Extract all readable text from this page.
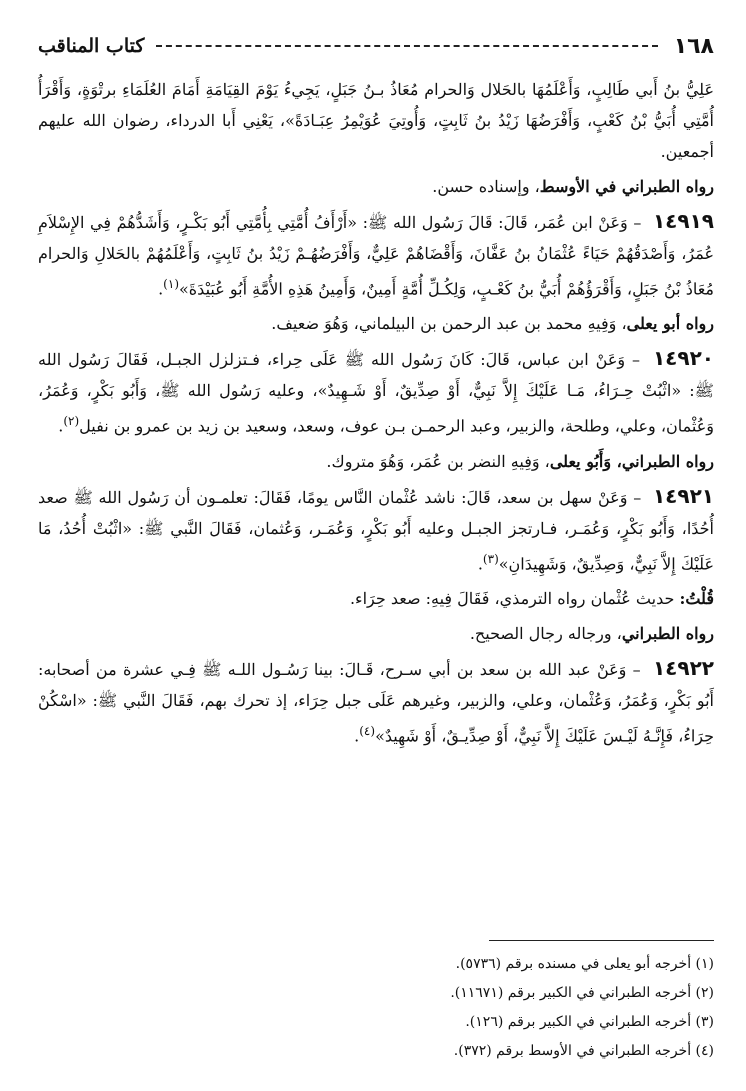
١٦٨
كتاب المناقب

عَلِيُّ بنُ أَبي طَالِبٍ، وَأَعْلَمُهَا بالحَلال وَالحرام مُعَاذُ بـنُ جَبَلٍ، يَجِيءُ يَوْمَ القِيَامَةِ أَمَامَ العُلَمَاءِ برتْوَةٍ، وَأَقْرَأُ أُمَّتِي أُبَيُّ بْنُ كَعْبٍ، وَأَفْرَضُهَا زَيْدُ بنُ ثَابِتٍ، وَأُوتِيَ عُوَيْمِرُ عِبَـادَةً»، يَعْنِي أَبا الدرداء، رضوان الله عليهم أجمعين.

رواه الطبراني في الأوسط، وإسناده حسن.

١٤٩١٩ – وَعَنْ ابن عُمَر، قَالَ: قَالَ رَسُول الله ﷺ: «أَرْأَفُ أُمَّتِي بِأُمَّتِي أَبُو بَكْـرٍ، وَأَشَدُّهُمْ فِي الإِسْلاَمِ عُمَرُ، وَأَصْدَقُهُمْ حَيَاءً عُثْمَانُ بنُ عَفَّانَ، وَأَقْضَاهُمْ عَلِيٌّ، وَأَفْرَضُهُـمْ زَيْدُ بنُ ثَابِتٍ، وَأَعْلَمُهُمْ بالحَلالِ وَالحرام مُعَاذُ بْنُ جَبَلٍ، وَأَقْرَؤُهُمْ أُبَيُّ بنُ كَعْـبٍ، وَلِكُـلِّ أُمَّةٍ أَمِينٌ، وَأَمِينُ هَذِهِ الأُمَّةِ أَبُو عُبَيْدَةَ»$^{(١)}$.

رواه أبو يعلى، وَفِيهِ محمد بن عبد الرحمن بن البيلماني، وَهُوَ ضعيف.

١٤٩٢٠ – وَعَنْ ابن عباس، قَالَ: كَانَ رَسُول الله ﷺ عَلَى حِراء، فـتزلزل الجبـل، فَقَالَ رَسُول الله ﷺ: «اثْبُتْ حِـرَاءُ، مَـا عَلَيْكَ إِلاَّ نَبِيٌّ، أَوْ صِدِّيقٌ، أَوْ شَـهِيدٌ»، وعليه رَسُول الله ﷺ، وَأَبُو بَكْرٍ، وَعُمَرُ، وَعُثْمان، وعلي، وطلحة، والزبير، وعبد الرحمـن بـن عوف، وسعد، وسعيد بن زيد بن عمرو بن نفيل$^{(٢)}$.

رواه الطبراني، وَأَبُو يعلى، وَفِيهِ النضر بن عُمَر، وَهُوَ متروك.

١٤٩٢١ – وَعَنْ سهل بن سعد، قَالَ: ناشد عُثْمان النَّاس يومًا، فَقَالَ: تعلمـون أن رَسُول الله ﷺ صعد أُحُدًا، وَأَبُو بَكْرٍ، وَعُمَـر، فـارتجز الجبـل وعليه أَبُو بَكْرٍ، وَعُمَـر، وَعُثمان، فَقَالَ النَّبي ﷺ: «اثْبُتْ أُحُدُ، مَا عَلَيْكَ إِلاَّ نَبِيٌّ، وَصِدِّيقٌ، وَشَهِيدَانِ»$^{(٣)}$.

قُلْتُ: حديث عُثْمان رواه الترمذي، فَقَالَ فِيهِ: صعد حِرَاء.

رواه الطبراني، ورجاله رجال الصحيح.

١٤٩٢٢ – وَعَنْ عبد الله بن سعد بن أبي سـرح، قَـالَ: بينا رَسُـول اللـه ﷺ فِـي عشرة من أصحابه: أَبُو بَكْرٍ، وَعُمَرُ، وَعُثْمان، وعلي، والزبير، وغيرهم عَلَى جبل حِرَاء، إذ تحرك بهم، فَقَالَ النَّبي ﷺ: «اسْكُنْ حِرَاءُ، فَإِنَّـهُ لَيْـسَ عَلَيْكَ إِلاَّ نَبِيٌّ، أَوْ صِدِّيـقٌ، أَوْ شَهِيدٌ»$^{(٤)}$.

(١) أخرجه أبو يعلى في مسنده برقم (٥٧٣٦).
(٢) أخرجه الطبراني في الكبير برقم (١١٦٧١).
(٣) أخرجه الطبراني في الكبير برقم (١٢٦).
(٤) أخرجه الطبراني في الأوسط برقم (٣٧٢).
